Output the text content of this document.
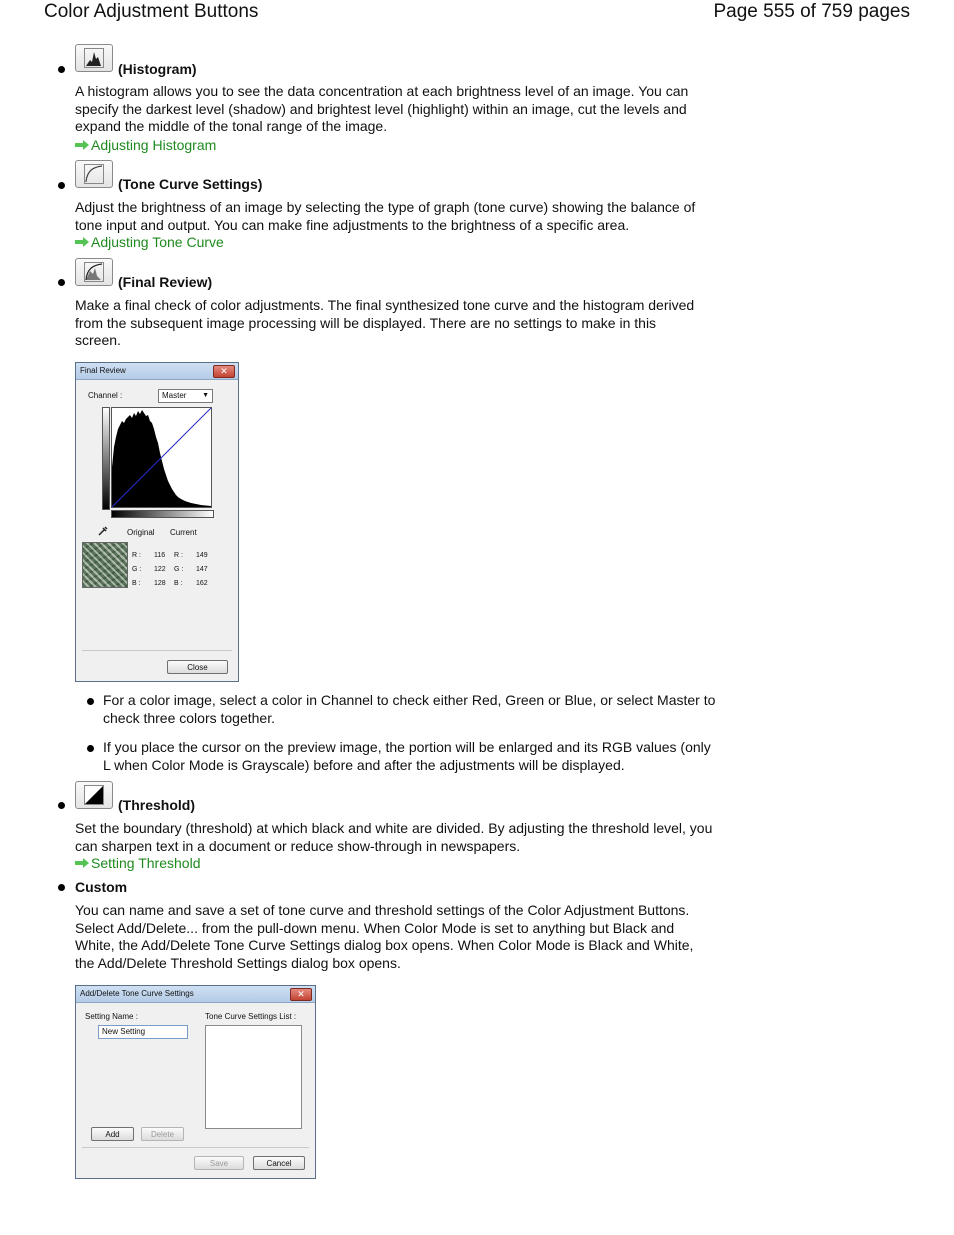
Color Adjustment Buttons	Page 555 of 759 pages
(Histogram)
A histogram allows you to see the data concentration at each brightness level of an image. You can
specify the darkest level (shadow) and brightest level (highlight) within an image, cut the levels and
expand the middle of the tonal range of the image.
Adjusting Histogram
(Tone Curve Settings)
Adjust the brightness of an image by selecting the type of graph (tone curve) showing the balance of
tone input and output. You can make fine adjustments to the brightness of a specific area.
Adjusting Tone Curve
(Final Review)
Make a final check of color adjustments. The final synthesized tone curve and the histogram derived
from the subsequent image processing will be displayed. There are no settings to make in this
screen.
Final Review	✕
Channel :	Master ▼
Original Current
R : 116 R : 149
G : 122 G : 147
B : 128 B : 162
Close
For a color image, select a color in Channel to check either Red, Green or Blue, or select Master to
check three colors together.
If you place the cursor on the preview image, the portion will be enlarged and its RGB values (only
L when Color Mode is Grayscale) before and after the adjustments will be displayed.
(Threshold)
Set the boundary (threshold) at which black and white are divided. By adjusting the threshold level, you
can sharpen text in a document or reduce show-through in newspapers.
Setting Threshold
Custom
You can name and save a set of tone curve and threshold settings of the Color Adjustment Buttons.
Select Add/Delete... from the pull-down menu. When Color Mode is set to anything but Black and
White, the Add/Delete Tone Curve Settings dialog box opens. When Color Mode is Black and White,
the Add/Delete Threshold Settings dialog box opens.
Add/Delete Tone Curve Settings	✕
Setting Name :
New Setting
Tone Curve Settings List :
Add	Delete
Save	Cancel
